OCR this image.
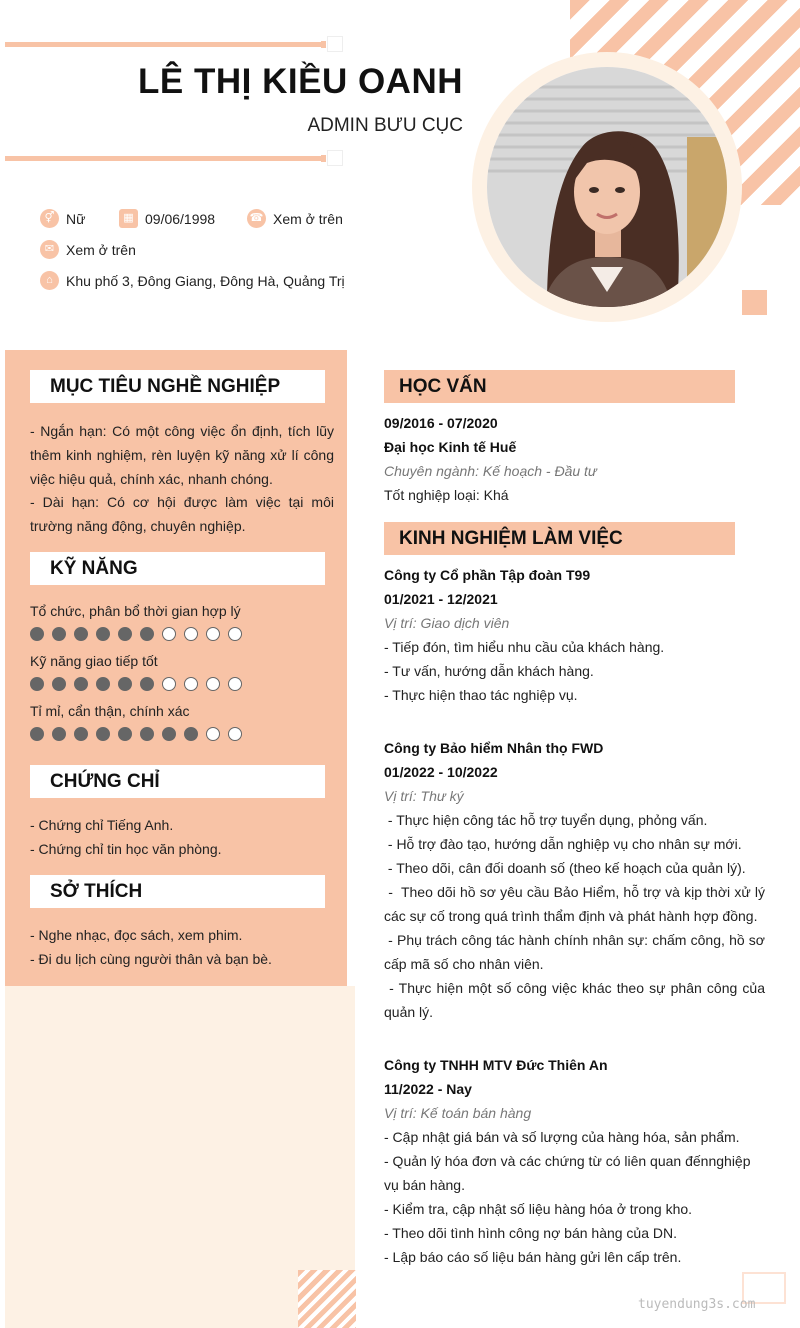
LÊ THỊ KIỀU OANH
ADMIN BƯU CỤC
⚥ Nữ	▦ 09/06/1998	☎ Xem ở trên
✉ Xem ở trên
⌂ Khu phố 3, Đông Giang, Đông Hà, Quảng Trị
MỤC TIÊU NGHỀ NGHIỆP
- Ngắn hạn: Có một công việc ổn định, tích lũy thêm kinh nghiệm, rèn luyện kỹ năng xử lí công việc hiệu quả, chính xác, nhanh chóng.
- Dài hạn: Có cơ hội được làm việc tại môi trường năng động, chuyên nghiệp.
KỸ NĂNG
Tổ chức, phân bổ thời gian hợp lý
Kỹ năng giao tiếp tốt
Tỉ mỉ, cẩn thận, chính xác
CHỨNG CHỈ
- Chứng chỉ Tiếng Anh.
- Chứng chỉ tin học văn phòng.
SỞ THÍCH
- Nghe nhạc, đọc sách, xem phim.
- Đi du lịch cùng người thân và bạn bè.
HỌC VẤN
09/2016 - 07/2020
Đại học Kinh tế Huế
Chuyên ngành: Kế hoạch - Đầu tư
Tốt nghiệp loại: Khá
KINH NGHIỆM LÀM VIỆC
Công ty Cổ phần Tập đoàn T99
01/2021 - 12/2021
Vị trí: Giao dịch viên
- Tiếp đón, tìm hiểu nhu cầu của khách hàng.
- Tư vấn, hướng dẫn khách hàng.
- Thực hiện thao tác nghiệp vụ.
Công ty Bảo hiểm Nhân thọ FWD
01/2022 - 10/2022
Vị trí: Thư ký
- Thực hiện công tác hỗ trợ tuyển dụng, phỏng vấn.
- Hỗ trợ đào tạo, hướng dẫn nghiệp vụ cho nhân sự mới.
- Theo dõi, cân đối doanh số (theo kế hoạch của quản lý).
-  Theo dõi hồ sơ yêu cầu Bảo Hiểm, hỗ trợ và kịp thời xử lý các sự cố trong quá trình thẩm định và phát hành hợp đồng.
- Phụ trách công tác hành chính nhân sự: chấm công, hồ sơ cấp mã số cho nhân viên.
- Thực hiện một số công việc khác theo sự phân công của quản lý.
Công ty TNHH MTV Đức Thiên An
11/2022 - Nay
Vị trí: Kế toán bán hàng
- Cập nhật giá bán và số lượng của hàng hóa, sản phẩm.
- Quản lý hóa đơn và các chứng từ có liên quan đếnnghiệp vụ bán hàng.
- Kiểm tra, cập nhật số liệu hàng hóa ở trong kho.
- Theo dõi tình hình công nợ bán hàng của DN.
- Lập báo cáo số liệu bán hàng gửi lên cấp trên.
tuyendung3s.com
